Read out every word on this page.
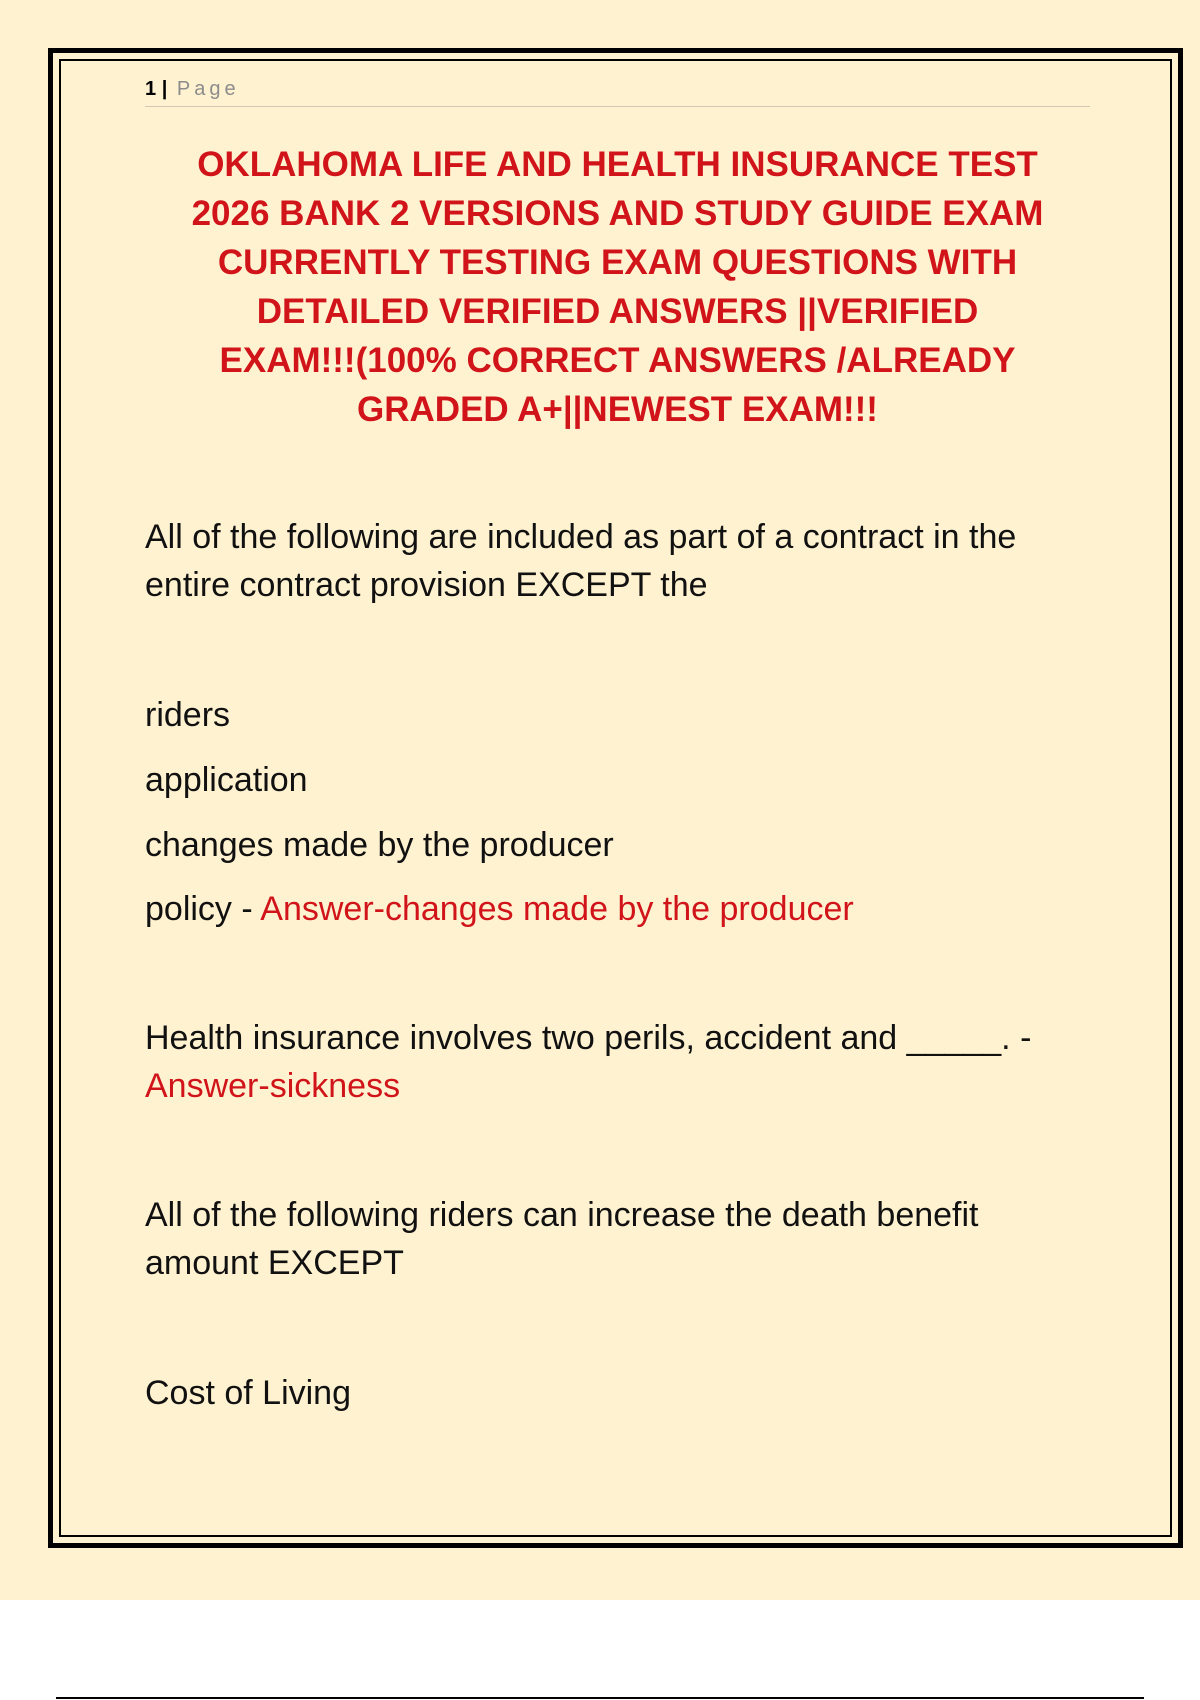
1 | Page
OKLAHOMA LIFE AND HEALTH INSURANCE TEST
2026 BANK 2 VERSIONS AND STUDY GUIDE EXAM
CURRENTLY TESTING EXAM QUESTIONS WITH
DETAILED VERIFIED ANSWERS ||VERIFIED
EXAM!!!(100% CORRECT ANSWERS /ALREADY
GRADED A+||NEWEST EXAM!!!
All of the following are included as part of a contract in the
entire contract provision EXCEPT the
riders
application
changes made by the producer
policy - Answer-changes made by the producer
Health insurance involves two perils, accident and _____. -
Answer-sickness
All of the following riders can increase the death benefit
amount EXCEPT
Cost of Living
